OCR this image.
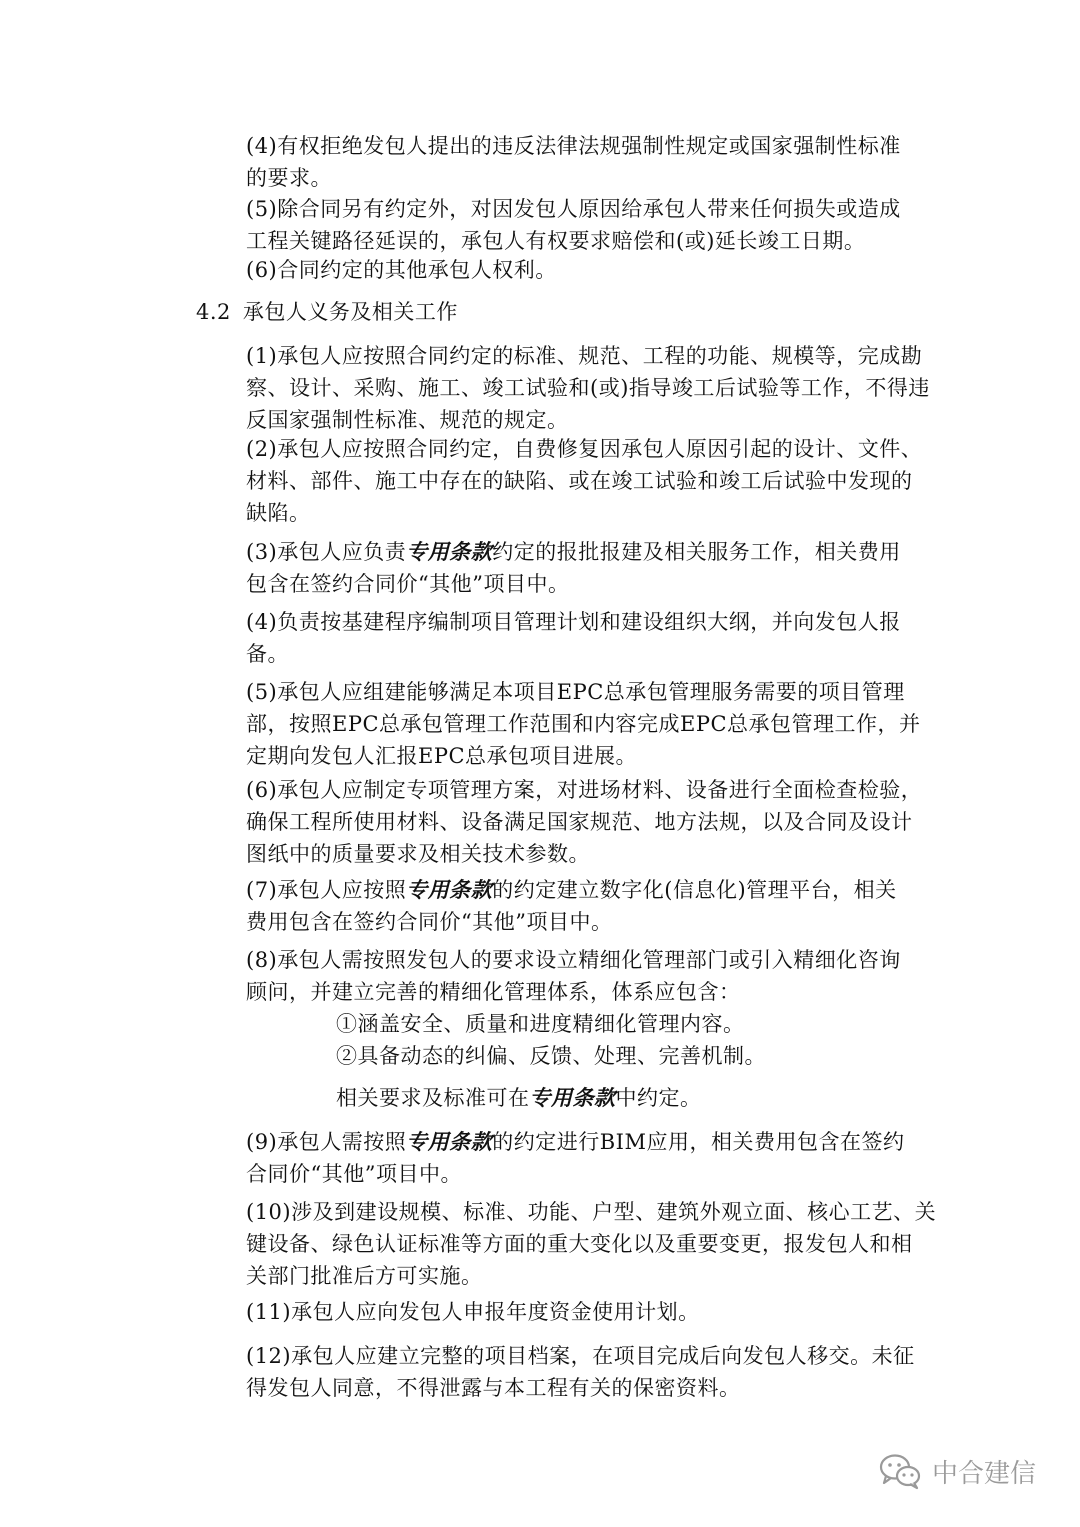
(4)有权拒绝发包人提出的违反法律法规强制性规定或国家强制性标准
的要求。
(5)除合同另有约定外，对因发包人原因给承包人带来任何损失或造成
工程关键路径延误的，承包人有权要求赔偿和(或)延长竣工日期。
(6)合同约定的其他承包人权利。
4.2 承包人义务及相关工作
(1)承包人应按照合同约定的标准、规范、工程的功能、规模等，完成勘
察、设计、采购、施工、竣工试验和(或)指导竣工后试验等工作，不得违
反国家强制性标准、规范的规定。
(2)承包人应按照合同约定，自费修复因承包人原因引起的设计、文件、
材料、部件、施工中存在的缺陷、或在竣工试验和竣工后试验中发现的
缺陷。
(3)承包人应负责专用条款约定的报批报建及相关服务工作，相关费用
包含在签约合同价“其他”项目中。
(4)负责按基建程序编制项目管理计划和建设组织大纲，并向发包人报
备。
(5)承包人应组建能够满足本项目EPC总承包管理服务需要的项目管理
部，按照EPC总承包管理工作范围和内容完成EPC总承包管理工作，并
定期向发包人汇报EPC总承包项目进展。
(6)承包人应制定专项管理方案，对进场材料、设备进行全面检查检验，
确保工程所使用材料、设备满足国家规范、地方法规，以及合同及设计
图纸中的质量要求及相关技术参数。
(7)承包人应按照专用条款的约定建立数字化(信息化)管理平台，相关
费用包含在签约合同价“其他”项目中。
(8)承包人需按照发包人的要求设立精细化管理部门或引入精细化咨询
顾问，并建立完善的精细化管理体系，体系应包含：
①涵盖安全、质量和进度精细化管理内容。
②具备动态的纠偏、反馈、处理、完善机制。
相关要求及标准可在专用条款中约定。
(9)承包人需按照专用条款的约定进行BIM应用，相关费用包含在签约
合同价“其他”项目中。
(10)涉及到建设规模、标准、功能、户型、建筑外观立面、核心工艺、关
键设备、绿色认证标准等方面的重大变化以及重要变更，报发包人和相
关部门批准后方可实施。
(11)承包人应向发包人申报年度资金使用计划。
(12)承包人应建立完整的项目档案，在项目完成后向发包人移交。未征
得发包人同意，不得泄露与本工程有关的保密资料。
中合建信
